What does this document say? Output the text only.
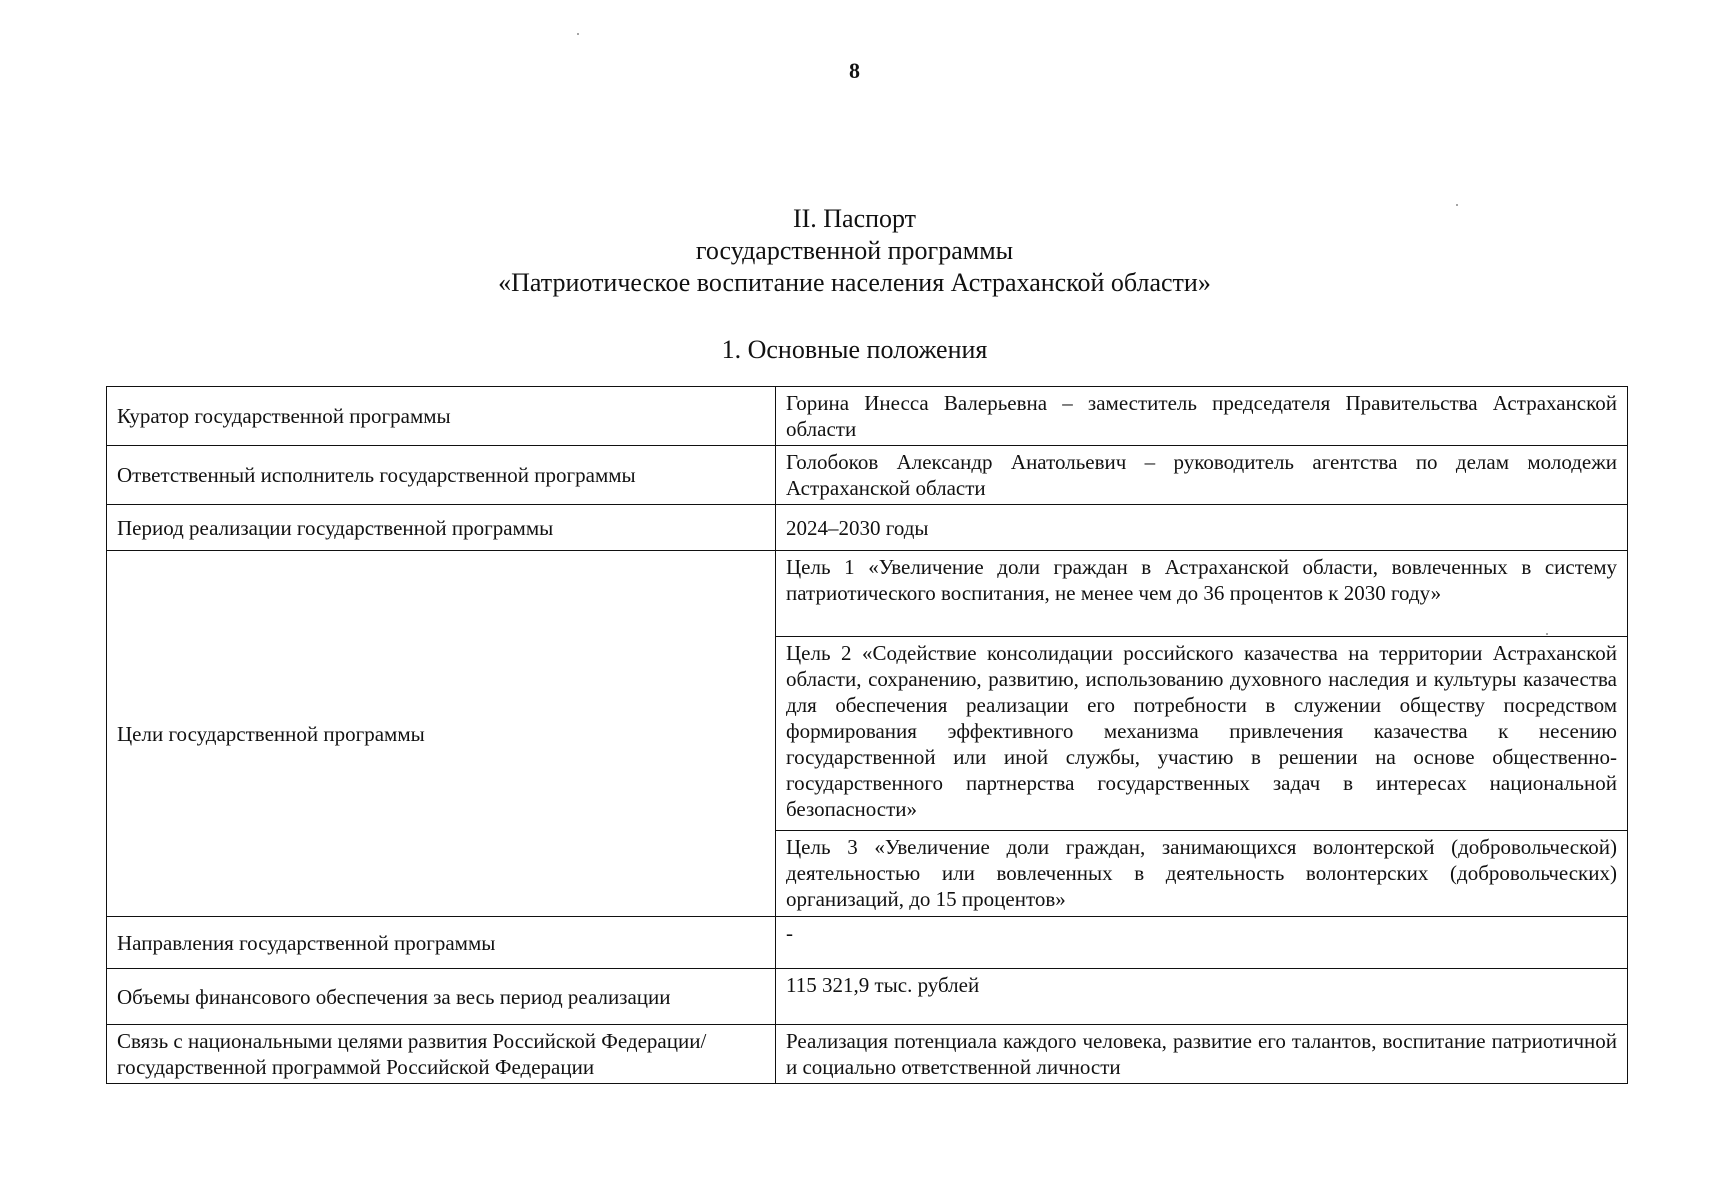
8
II. Паспорт
государственной программы
«Патриотическое воспитание населения Астраханской области»
1. Основные положения
Куратор государственной программы	Горина Инесса Валерьевна – заместитель председателя Правительства Астраханской области
Ответственный исполнитель государственной программы	Голобоков Александр Анатольевич – руководитель агентства по делам молодежи Астраханской области
Период реализации государственной программы	2024–2030 годы
Цели государственной программы	Цель 1 «Увеличение доли граждан в Астраханской области, вовлеченных в систему патриотического воспитания, не менее чем до 36 процентов к 2030 году»
	Цель 2 «Содействие консолидации российского казачества на территории Астраханской области, сохранению, развитию, использованию духовного наследия и культуры казачества для обеспечения реализации его потребности в служении обществу посредством формирования эффективного механизма привлечения казачества к несению государственной или иной службы, участию в решении на основе общественно-государственного партнерства государственных задач в интересах национальной безопасности»
	Цель 3 «Увеличение доли граждан, занимающихся волонтерской (добровольческой) деятельностью или вовлеченных в деятельность волонтерских (добровольческих) организаций, до 15 процентов»
Направления государственной программы	-
Объемы финансового обеспечения за весь период реализации	115 321,9 тыс. рублей
Связь с национальными целями развития Российской Федерации/ государственной программой Российской Федерации	Реализация потенциала каждого человека, развитие его талантов, воспитание патриотичной и социально ответственной личности
